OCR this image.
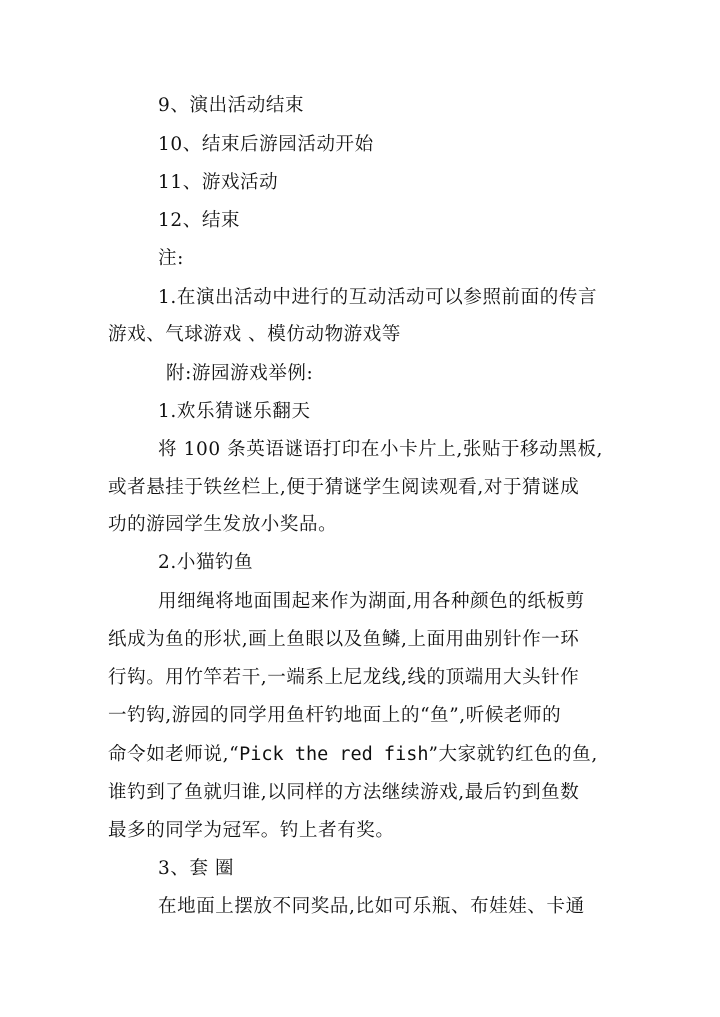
9、演出活动结束
10、结束后游园活动开始
11、游戏活动
12、结束
注:
1.在演出活动中进行的互动活动可以参照前面的传言
游戏、气球游戏 、模仿动物游戏等
附:游园游戏举例:
1.欢乐猜谜乐翻天
将 100 条英语谜语打印在小卡片上,张贴于移动黑板,
或者悬挂于铁丝栏上,便于猜谜学生阅读观看,对于猜谜成
功的游园学生发放小奖品。
2.小猫钓鱼
用细绳将地面围起来作为湖面,用各种颜色的纸板剪
纸成为鱼的形状,画上鱼眼以及鱼鳞,上面用曲别针作一环
行钩。用竹竿若干,一端系上尼龙线,线的顶端用大头针作
一钓钩,游园的同学用鱼杆钓地面上的“鱼”,听候老师的
命令如老师说,“Pick the red fish”大家就钓红色的鱼,
谁钓到了鱼就归谁,以同样的方法继续游戏,最后钓到鱼数
最多的同学为冠军。钓上者有奖。
3、套 圈
在地面上摆放不同奖品,比如可乐瓶、布娃娃、卡通
